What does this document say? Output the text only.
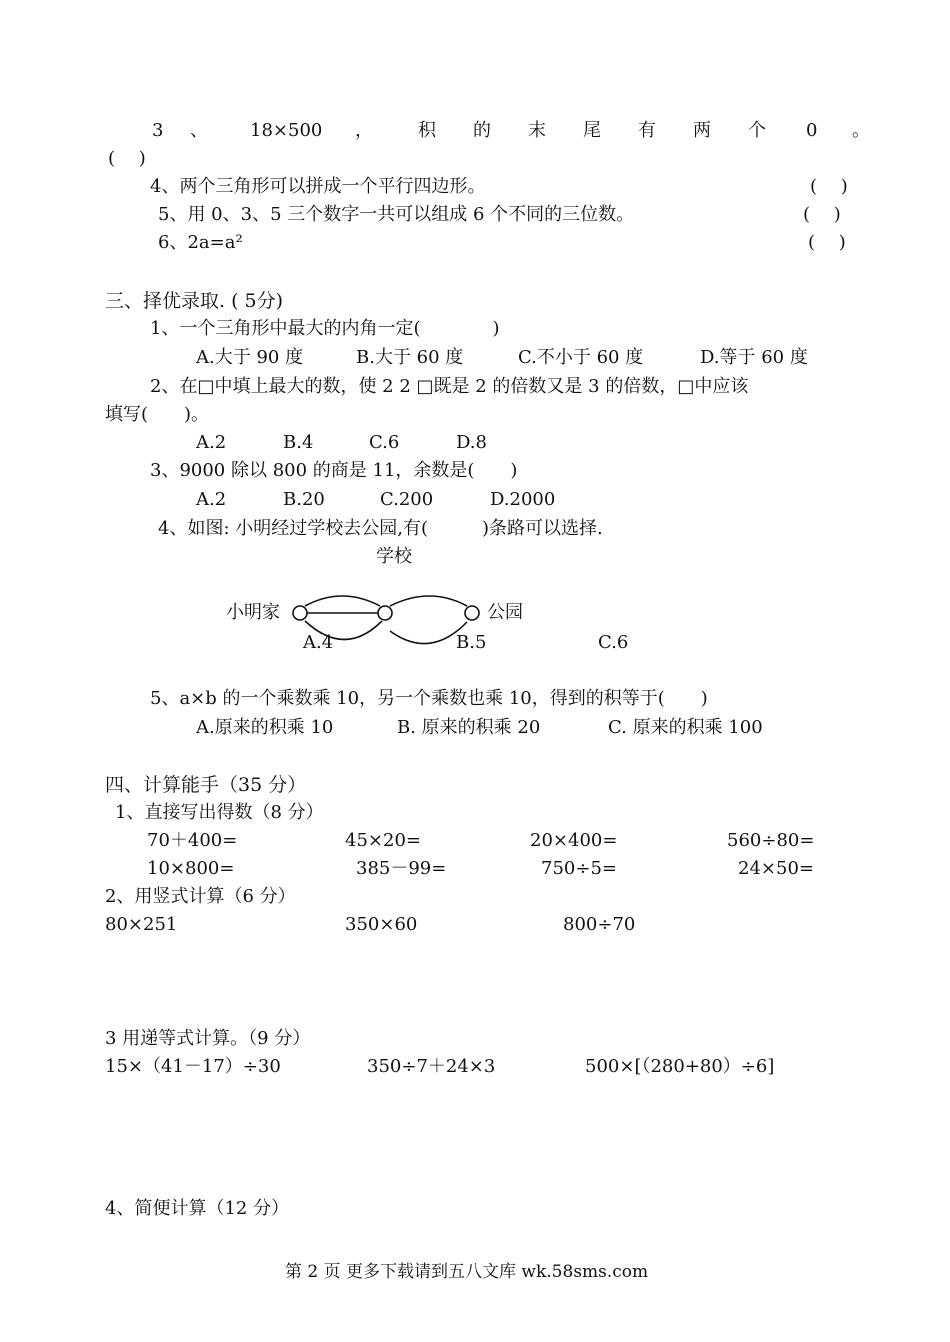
3 、 18×500 ，	积 的 末 尾 有 两 个 0 。
(　 )
4、两个三角形可以拼成一个平行四边形。	(　 )
5、用 0、3、5 三个数字一共可以组成 6 个不同的三位数。	(　 )
6、2a=a²	(　 )
三、择优录取. ( 5分)
1、一个三角形中最大的内角一定(　　　　)
A.大于 90 度	B.大于 60 度	C.不小于 60 度	D.等于 60 度
2、在□中填上最大的数，使 2 2 □既是 2 的倍数又是 3 的倍数，□中应该
填写(　　)。
A.2	B.4	C.6	D.8
3、9000 除以 800 的商是 11，余数是(　　)
A.2	B.20	C.200	D.2000
4、如图: 小明经过学校去公园,有(　　　)条路可以选择.
学校
小明家	公园
A.4	B.5	C.6
5、a×b 的一个乘数乘 10，另一个乘数也乘 10，得到的积等于(　　)
A.原来的积乘 10	B. 原来的积乘 20	C. 原来的积乘 100
四、计算能手（35 分）
1、直接写出得数（8 分）
70＋400=	45×20=	20×400=	560÷80=
10×800=	385－99=	750÷5=	24×50=
2、用竖式计算（6 分）
80×251	350×60	800÷70
3 用递等式计算。（9 分）
15×（41－17）÷30	350÷7＋24×3	500×[（280+80）÷6]
4、简便计算（12 分）
第 2 页 更多下载请到五八文库 wk.58sms.com
